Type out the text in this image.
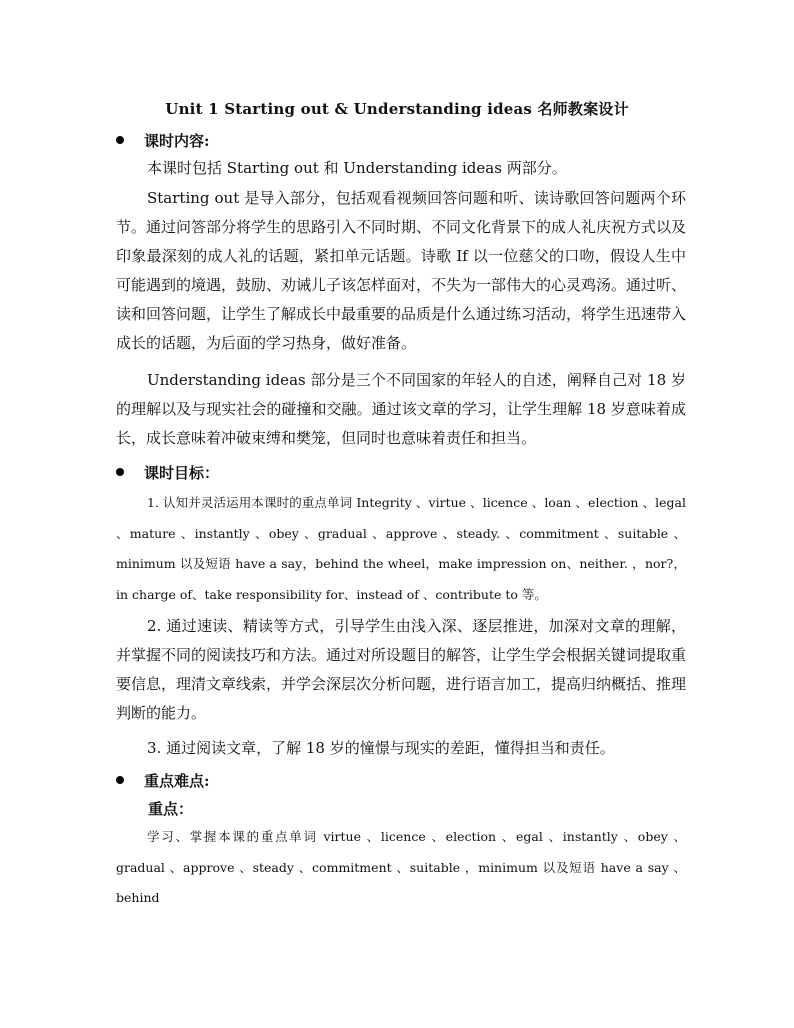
Unit 1 Starting out & Understanding ideas 名师教案设计
课时内容:

本课时包括 Starting out 和 Understanding ideas 两部分。

Starting out 是导入部分，包括观看视频回答问题和听、读诗歌回答问题两个环节。通过问答部分将学生的思路引入不同时期、不同文化背景下的成人礼庆祝方式以及印象最深刻的成人礼的话题，紧扣单元话题。诗歌 If 以一位慈父的口吻，假设人生中可能遇到的境遇，鼓励、劝诫儿子该怎样面对，不失为一部伟大的心灵鸡汤。通过听、读和回答问题，让学生了解成长中最重要的品质是什么通过练习活动，将学生迅速带入成长的话题，为后面的学习热身，做好准备。

Understanding ideas 部分是三个不同国家的年轻人的自述，阐释自己对 18 岁的理解以及与现实社会的碰撞和交融。通过该文章的学习，让学生理解 18 岁意味着成长，成长意味着冲破束缚和樊笼，但同时也意味着责任和担当。

课时目标：

1. 认知并灵活运用本课时的重点单词 Integrity 、virtue 、licence 、loan 、election 、legal 、mature 、instantly 、obey 、gradual 、approve 、steady. 、commitment 、suitable 、minimum 以及短语 have a say，behind the wheel，make impression on、neither. ，nor?，in charge of、take responsibility for、instead of 、contribute to 等。

2. 通过速读、精读等方式，引导学生由浅入深、逐层推进，加深对文章的理解，并掌握不同的阅读技巧和方法。通过对所设题目的解答，让学生学会根据关键词提取重要信息，理清文章线索，并学会深层次分析问题，进行语言加工，提高归纳概括、推理判断的能力。

3. 通过阅读文章，了解 18 岁的憧憬与现实的差距，懂得担当和责任。

重点难点:
重点：

学习、掌握本课的重点单词 virtue 、licence 、election 、egal 、instantly 、obey 、gradual 、approve 、steady 、commitment 、suitable ，minimum 以及短语 have a say 、behind
